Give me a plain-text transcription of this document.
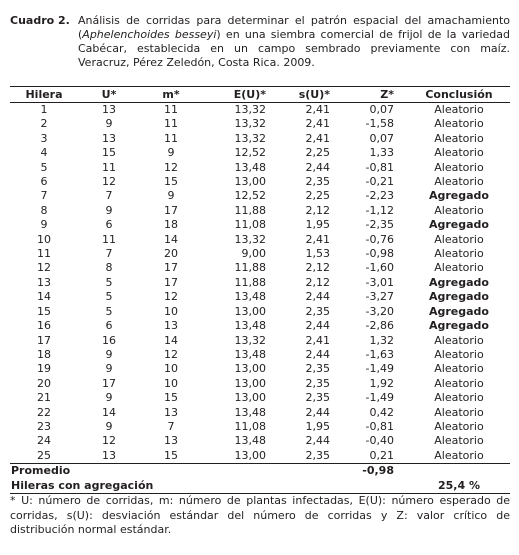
Cuadro 2. Análisis de corridas para determinar el patrón espacial del amachamiento (Aphelenchoides besseyi) en una siembra comercial de frijol de la variedad Cabécar, establecida en un campo sembrado previamente con maíz. Veracruz, Pérez Zeledón, Costa Rica. 2009.
Hilera	U*	m*	E(U)*	s(U)*	Z*	Conclusión
1	13	11	13,32	2,41	0,07	Aleatorio
2	9	11	13,32	2,41	-1,58	Aleatorio
3	13	11	13,32	2,41	0,07	Aleatorio
4	15	9	12,52	2,25	1,33	Aleatorio
5	11	12	13,48	2,44	-0,81	Aleatorio
6	12	15	13,00	2,35	-0,21	Aleatorio
7	7	9	12,52	2,25	-2,23	Agregado
8	9	17	11,88	2,12	-1,12	Aleatorio
9	6	18	11,08	1,95	-2,35	Agregado
10	11	14	13,32	2,41	-0,76	Aleatorio
11	7	20	9,00	1,53	-0,98	Aleatorio
12	8	17	11,88	2,12	-1,60	Aleatorio
13	5	17	11,88	2,12	-3,01	Agregado
14	5	12	13,48	2,44	-3,27	Agregado
15	5	10	13,00	2,35	-3,20	Agregado
16	6	13	13,48	2,44	-2,86	Agregado
17	16	14	13,32	2,41	1,32	Aleatorio
18	9	12	13,48	2,44	-1,63	Aleatorio
19	9	10	13,00	2,35	-1,49	Aleatorio
20	17	10	13,00	2,35	1,92	Aleatorio
21	9	15	13,00	2,35	-1,49	Aleatorio
22	14	13	13,48	2,44	0,42	Aleatorio
23	9	7	11,08	1,95	-0,81	Aleatorio
24	12	13	13,48	2,44	-0,40	Aleatorio
25	13	15	13,00	2,35	0,21	Aleatorio
Promedio					-0,98	
Hileras con agregación						25,4 %
* U: número de corridas, m: número de plantas infectadas, E(U): número esperado de corridas, s(U): desviación estándar del número de corridas y Z: valor crítico de distribución normal estándar.
